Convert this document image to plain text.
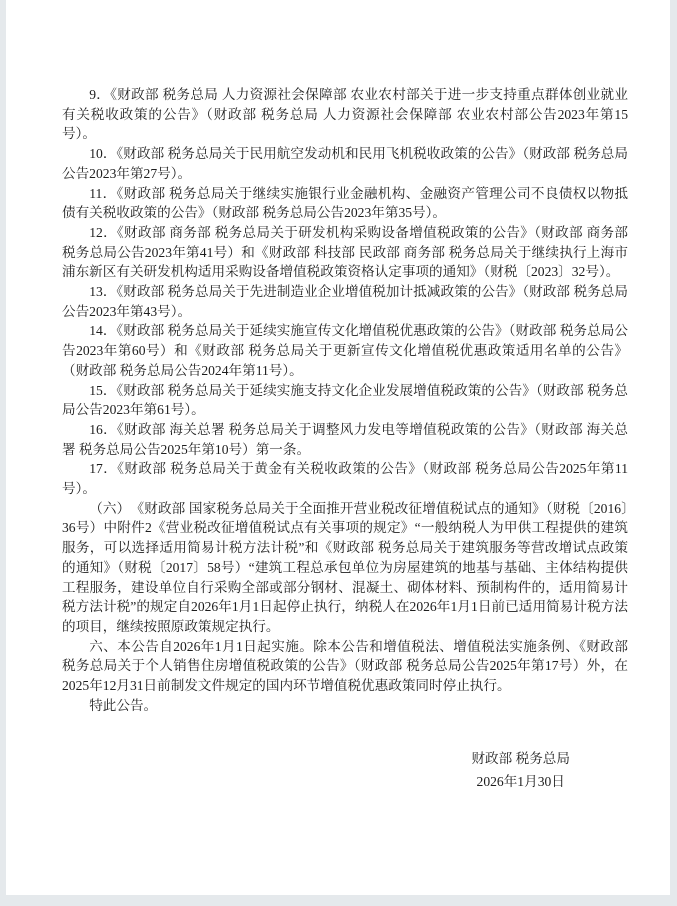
9．《财政部 税务总局 人力资源社会保障部 农业农村部关于进一步支持重点群体创业就业有关税收政策的公告》（财政部 税务总局 人力资源社会保障部 农业农村部公告2023年第15号）。

10．《财政部 税务总局关于民用航空发动机和民用飞机税收政策的公告》（财政部 税务总局公告2023年第27号）。

11．《财政部 税务总局关于继续实施银行业金融机构、金融资产管理公司不良债权以物抵债有关税收政策的公告》（财政部 税务总局公告2023年第35号）。

12．《财政部 商务部 税务总局关于研发机构采购设备增值税政策的公告》（财政部 商务部 税务总局公告2023年第41号）和《财政部 科技部 民政部 商务部 税务总局关于继续执行上海市浦东新区有关研发机构适用采购设备增值税政策资格认定事项的通知》（财税〔2023〕32号）。

13．《财政部 税务总局关于先进制造业企业增值税加计抵减政策的公告》（财政部 税务总局公告2023年第43号）。

14．《财政部 税务总局关于延续实施宣传文化增值税优惠政策的公告》（财政部 税务总局公告2023年第60号）和《财政部 税务总局关于更新宣传文化增值税优惠政策适用名单的公告》（财政部 税务总局公告2024年第11号）。

15．《财政部 税务总局关于延续实施支持文化企业发展增值税政策的公告》（财政部 税务总局公告2023年第61号）。

16．《财政部 海关总署 税务总局关于调整风力发电等增值税政策的公告》（财政部 海关总署 税务总局公告2025年第10号）第一条。

17．《财政部 税务总局关于黄金有关税收政策的公告》（财政部 税务总局公告2025年第11号）。

（六）　《财政部 国家税务总局关于全面推开营业税改征增值税试点的通知》（财税〔2016〕36号）中附件2《营业税改征增值税试点有关事项的规定》“一般纳税人为甲供工程提供的建筑服务，可以选择适用简易计税方法计税”和《财政部 税务总局关于建筑服务等营改增试点政策的通知》（财税〔2017〕58号）“建筑工程总承包单位为房屋建筑的地基与基础、主体结构提供工程服务，建设单位自行采购全部或部分钢材、混凝土、砌体材料、预制构件的，适用简易计税方法计税”的规定自2026年1月1日起停止执行，纳税人在2026年1月1日前已适用简易计税方法的项目，继续按照原政策规定执行。

六、本公告自2026年1月1日起实施。除本公告和增值税法、增值税法实施条例、《财政部 税务总局关于个人销售住房增值税政策的公告》（财政部 税务总局公告2025年第17号）外，在2025年12月31日前制发文件规定的国内环节增值税优惠政策同时停止执行。

特此公告。

财政部 税务总局
2026年1月30日
